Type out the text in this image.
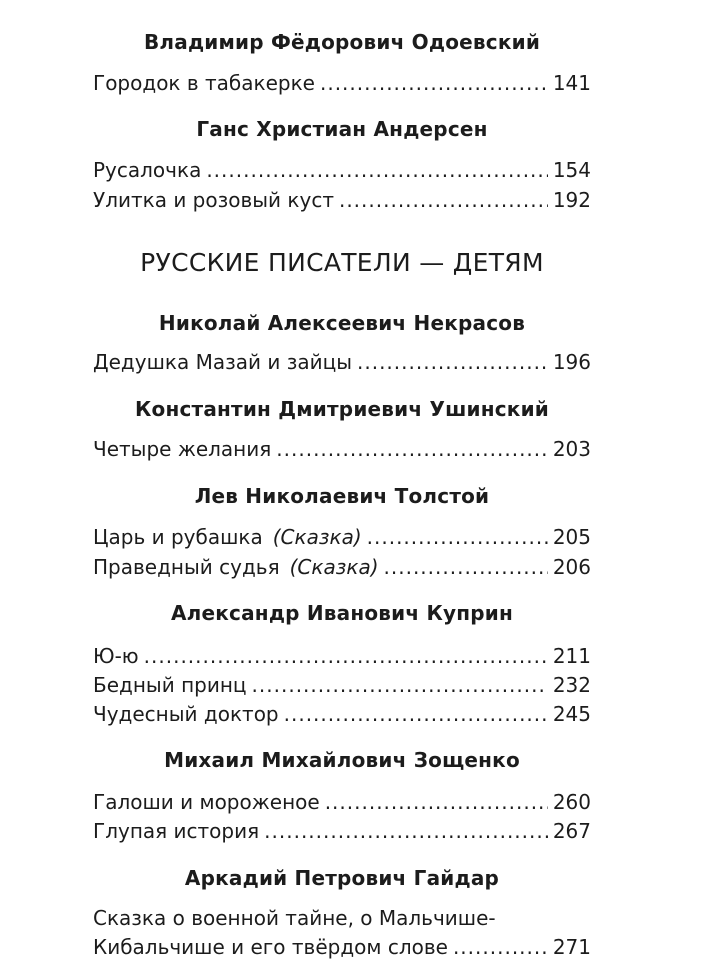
Владимир Фёдорович Одоевский
Городок в табакерке .....	141
Ганс Христиан Андерсен
Русалочка .....	154
Улитка и розовый куст .....	192
РУССКИЕ ПИСАТЕЛИ — ДЕТЯМ
Николай Алексеевич Некрасов
Дедушка Мазай и зайцы .....	196
Константин Дмитриевич Ушинский
Четыре желания .....	203
Лев Николаевич Толстой
Царь и рубашка (Сказка) .....	205
Праведный судья (Сказка) .....	206
Александр Иванович Куприн
Ю-ю .....	211
Бедный принц .....	232
Чудесный доктор .....	245
Михаил Михайлович Зощенко
Галоши и мороженое .....	260
Глупая история .....	267
Аркадий Петрович Гайдар
Сказка о военной тайне, о Мальчише-
Кибальчише и его твёрдом слове .....	271
